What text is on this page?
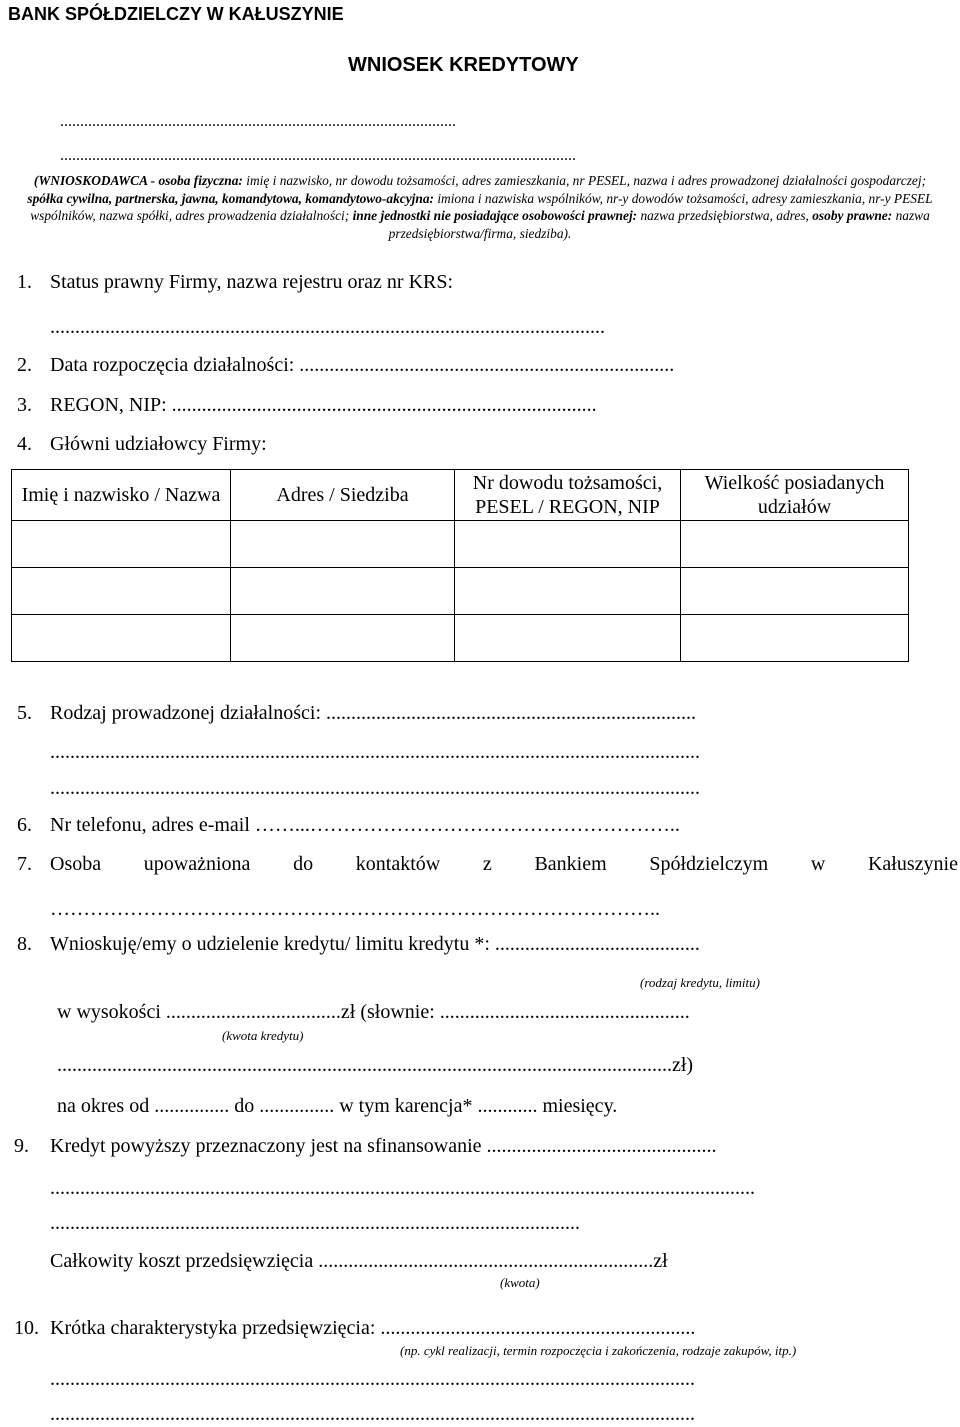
BANK SPÓŁDZIELCZY W KAŁUSZYNIE
WNIOSEK KREDYTOWY
...................................................................................................
.................................................................................................................................
(WNIOSKODAWCA - osoba fizyczna: imię i nazwisko, nr dowodu tożsamości, adres zamieszkania, nr PESEL, nazwa i adres prowadzonej działalności gospodarczej; spółka cywilna, partnerska, jawna, komandytowa, komandytowo-akcyjna: imiona i nazwiska wspólników, nr-y dowodów tożsamości, adresy zamieszkania, nr-y PESEL wspólników, nazwa spółki, adres prowadzenia działalności; inne jednostki nie posiadające osobowości prawnej: nazwa przedsiębiorstwa, adres, osoby prawne: nazwa przedsiębiorstwa/firma, siedziba).
1. Status prawny Firmy, nazwa rejestru oraz nr KRS:
...............................................................................................................
2. Data rozpoczęcia działalności: ...........................................................................
3. REGON, NIP: .....................................................................................
4. Główni udziałowcy Firmy:
Imię i nazwisko / Nazwa	Adres / Siedziba	Nr dowodu tożsamości, PESEL / REGON, NIP	Wielkość posiadanych udziałów

5. Rodzaj prowadzonej działalności: ..........................................................................
..................................................................................................................................
..................................................................................................................................
6. Nr telefonu, adres e-mail ……...………………………………………………..
7. Osoba upoważniona do kontaktów z Bankiem Spółdzielczym w Kałuszynie
………………………………………………………………………………..
8. Wnioskuję/emy o udzielenie kredytu/ limitu kredytu *: .........................................
(rodzaj kredytu, limitu)
w wysokości ...................................zł (słownie: ..................................................
(kwota kredytu)
...........................................................................................................................zł)
na okres od ............... do ............... w tym karencja* ............ miesięcy.
9. Kredyt powyższy przeznaczony jest na sfinansowanie ..............................................
.............................................................................................................................................
..........................................................................................................
Całkowity koszt przedsięwzięcia ...................................................................zł
(kwota)
10. Krótka charakterystyka przedsięwzięcia: ...............................................................
(np. cykl realizacji, termin rozpoczęcia i zakończenia, rodzaje zakupów, itp.)
.................................................................................................................................
.................................................................................................................................
